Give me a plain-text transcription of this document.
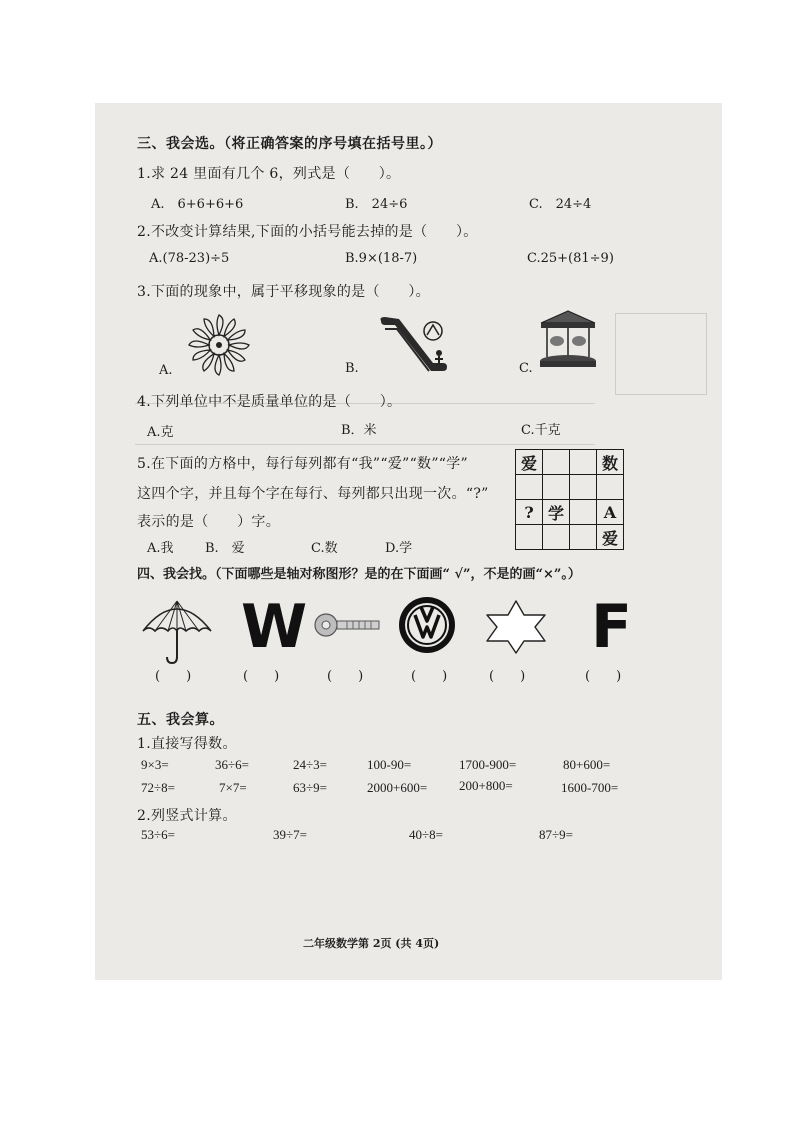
三、我会选。（将正确答案的序号填在括号里。）
1.求 24 里面有几个 6，列式是（　　）。
A.　6+6+6+6	B.　24÷6	C.　24÷4
2.不改变计算结果,下面的小括号能去掉的是（　　）。
A.(78-23)÷5	B.9×(18-7)	C.25+(81÷9)
3.下面的现象中，属于平移现象的是（　　）。
A.	B.	C.
4.下列单位中不是质量单位的是（　　）。
A.克	B．米	C.千克
5.在下面的方格中，每行每列都有“我”“爱”“数”“学”
这四个字，并且每个字在每行、每列都只出现一次。“?”
表示的是（　　）字。
A.我 B.　爱	C.数	D.学
爱			数

?	学		A
			爱
四、我会找。（下面哪些是轴对称图形？是的在下面画“ √”，不是的画“×”。）
W	F
(　　)	(　　)	(　　)	(　　)	(　　)	(　　)
五、我会算。
1.直接写得数。
9×3=	36÷6=	24÷3=	100-90=	1700-900=	80+600=
72÷8=	7×7=	63÷9=	2000+600= 200+800=	1600-700=
2.列竖式计算。
53÷6=	39÷7=	40÷8=	87÷9=
二年级数学第 2页 (共 4页)
